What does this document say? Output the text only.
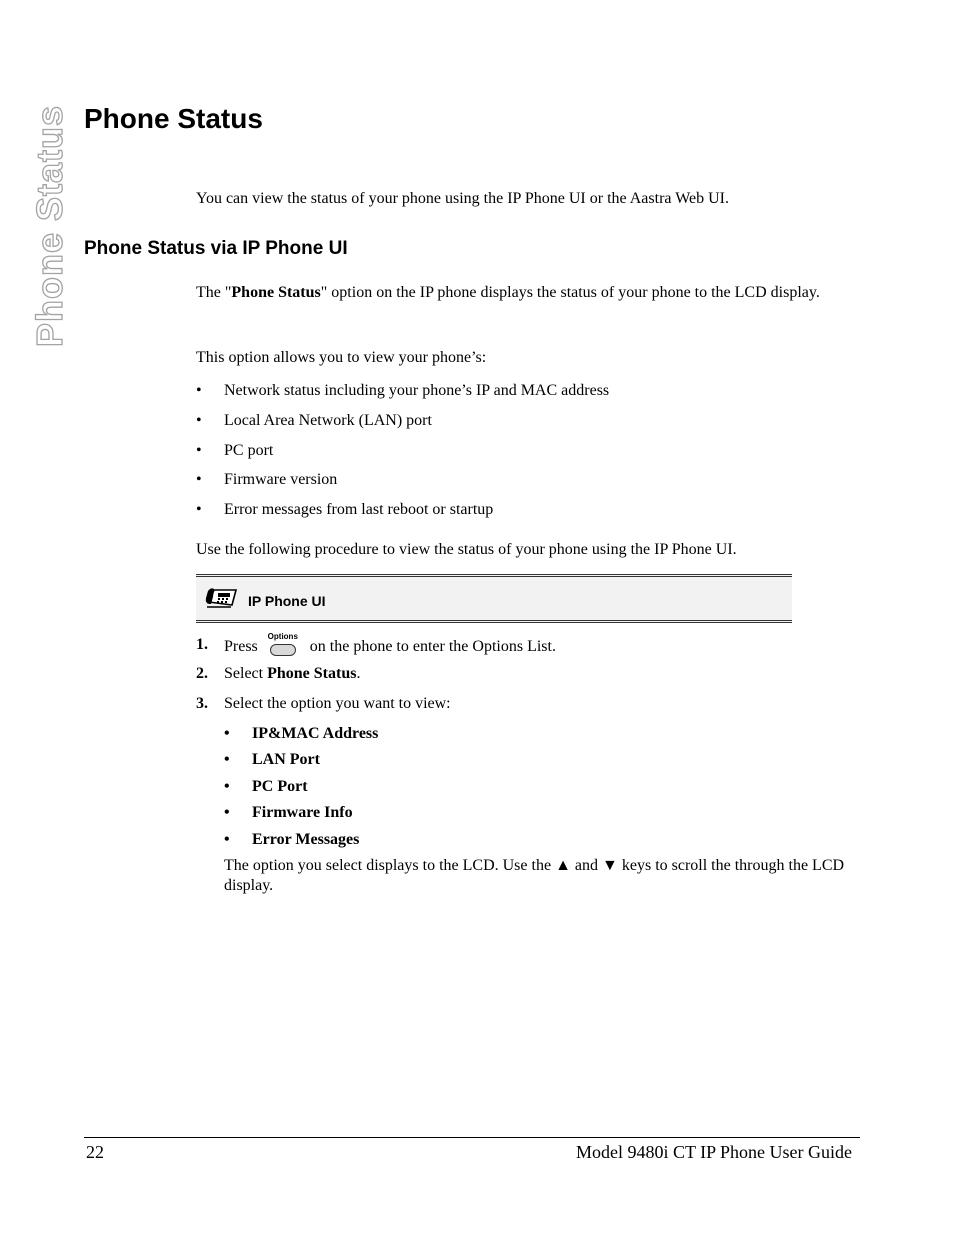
Phone Status Phone Status

You can view the status of your phone using the IP Phone UI or the Aastra Web UI.

Phone Status via IP Phone UI

The "Phone Status" option on the IP phone displays the status of your phone to the LCD display.

This option allows you to view your phone’s:

• Network status including your phone’s IP and MAC address
• Local Area Network (LAN) port
• PC port
• Firmware version
• Error messages from last reboot or startup

Use the following procedure to view the status of your phone using the IP Phone UI.

IP Phone UI
1. Press
Options
on the phone to enter the Options List.
2. Select Phone Status.
3. Select the option you want to view:
• IP&MAC Address
• LAN Port
• PC Port
• Firmware Info
• Error Messages
The option you select displays to the LCD. Use the ▲ and ▼ keys to scroll the through the LCD display.
22	Model 9480i CT IP Phone User Guide
